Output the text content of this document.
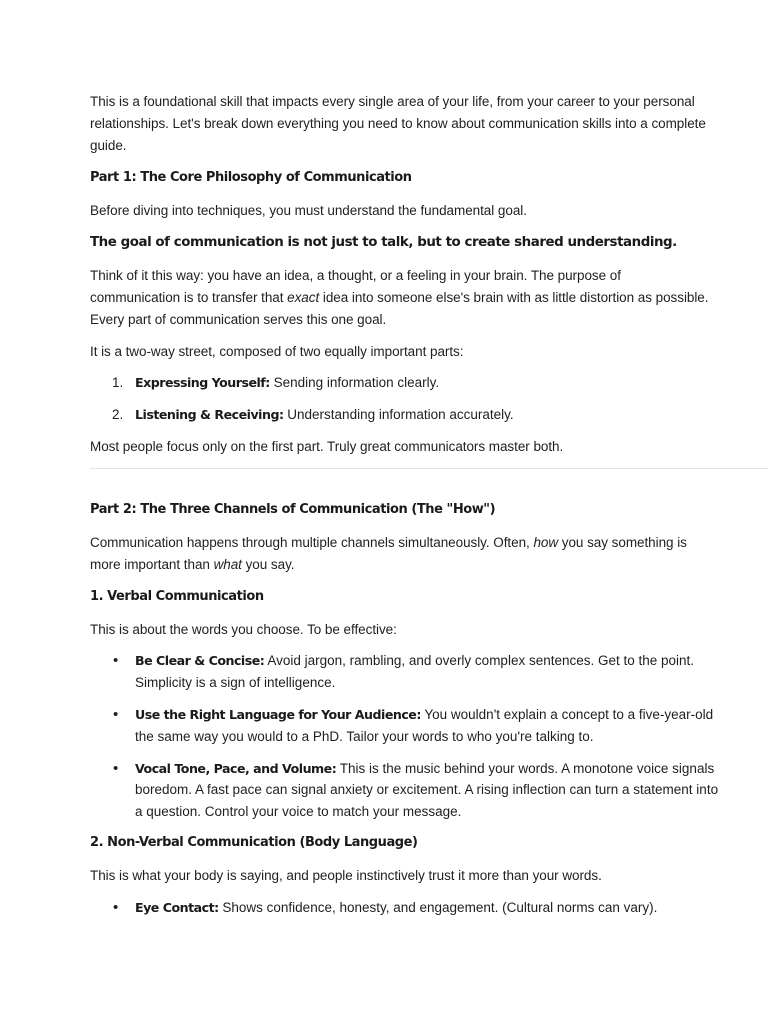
This is a foundational skill that impacts every single area of your life, from your career to your personal relationships. Let's break down everything you need to know about communication skills into a complete guide.

Part 1: The Core Philosophy of Communication

Before diving into techniques, you must understand the fundamental goal.

The goal of communication is not just to talk, but to create shared understanding.

Think of it this way: you have an idea, a thought, or a feeling in your brain. The purpose of communication is to transfer that exact idea into someone else's brain with as little distortion as possible. Every part of communication serves this one goal.

It is a two-way street, composed of two equally important parts:

1. Expressing Yourself: Sending information clearly.
2. Listening & Receiving: Understanding information accurately.

Most people focus only on the first part. Truly great communicators master both.

Part 2: The Three Channels of Communication (The "How")

Communication happens through multiple channels simultaneously. Often, how you say something is more important than what you say.

1. Verbal Communication

This is about the words you choose. To be effective:

•	Be Clear & Concise: Avoid jargon, rambling, and overly complex sentences. Get to the point. Simplicity is a sign of intelligence.
•	Use the Right Language for Your Audience: You wouldn't explain a concept to a five-year-old the same way you would to a PhD. Tailor your words to who you're talking to.
•	Vocal Tone, Pace, and Volume: This is the music behind your words. A monotone voice signals boredom. A fast pace can signal anxiety or excitement. A rising inflection can turn a statement into a question. Control your voice to match your message.
2. Non-Verbal Communication (Body Language)

This is what your body is saying, and people instinctively trust it more than your words.

•	Eye Contact: Shows confidence, honesty, and engagement. (Cultural norms can vary).
